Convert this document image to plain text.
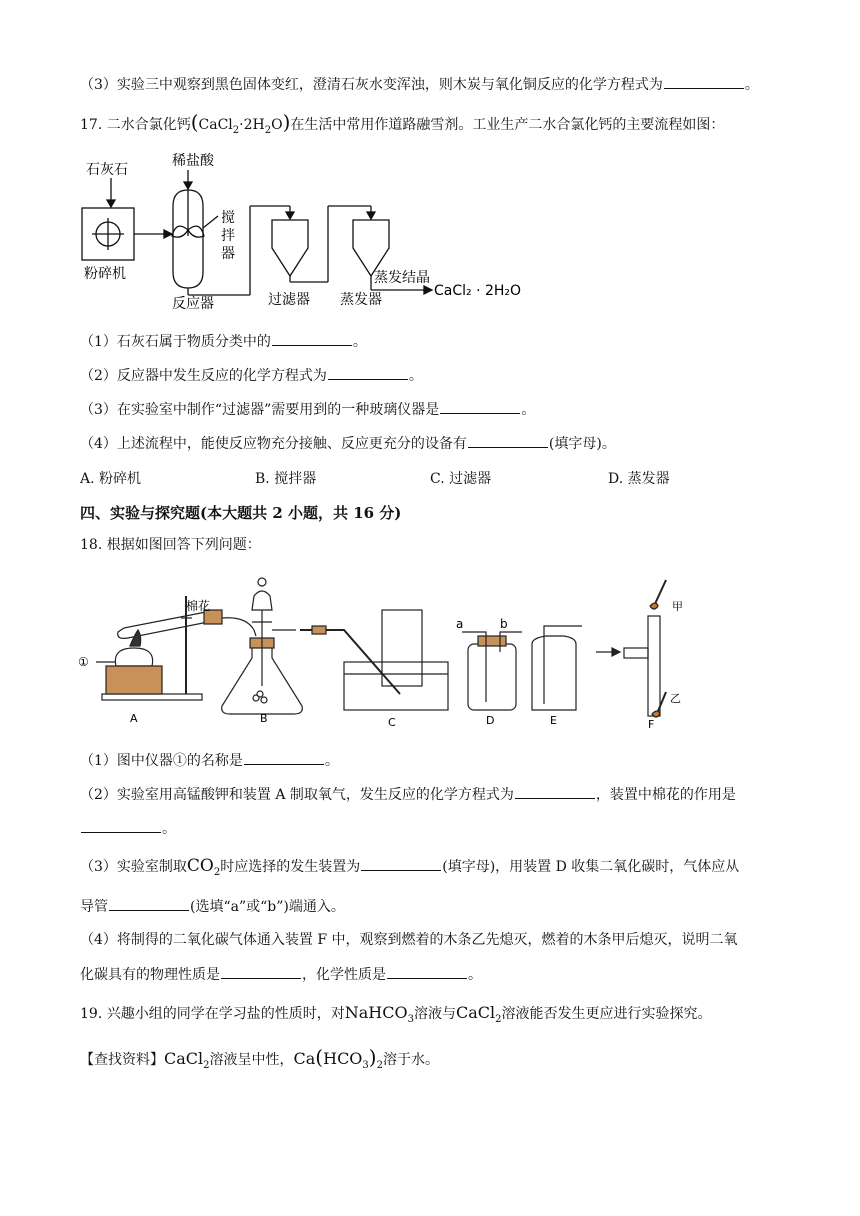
（3）实验三中观察到黑色固体变红，澄清石灰水变浑浊，则木炭与氧化铜反应的化学方程式为	。
17. 二水合氯化钙$(CaCl_2\cdot 2H_2O)$在生活中常用作道路融雪剂。工业生产二水合氯化钙的主要流程如图：
石灰石
稀盐酸
搅
拌
器
粉碎机
反应器	过滤器 蒸发器
蒸发结晶
CaCl₂ · 2H₂O
（1）石灰石属于物质分类中的	。
（2）反应器中发生反应的化学方程式为	。
（3）在实验室中制作“过滤器”需要用到的一种玻璃仪器是	。
（4）上述流程中，能使反应物充分接触、反应更充分的设备有	(填字母)。
A. 粉碎机	B. 搅拌器	C. 过滤器	D. 蒸发器
四、实验与探究题(本大题共 2 小题，共 16 分)
18. 根据如图回答下列问题：
棉花
①
A	B	C	D	E	F
a	b
甲
乙
（1）图中仪器①的名称是	。
（2）实验室用高锰酸钾和装置 A 制取氧气，发生反应的化学方程式为	，装置中棉花的作用是
。
（3）实验室制取$CO_2$时应选择的发生装置为	(填字母)，用装置 D 收集二氧化碳时，气体应从
导管	(选填“a”或“b”)端通入。
（4）将制得的二氧化碳气体通入装置 F 中，观察到燃着的木条乙先熄灭，燃着的木条甲后熄灭，说明二氧
化碳具有的物理性质是	，化学性质是	。
19. 兴趣小组的同学在学习盐的性质时，对NaHCO$_3$溶液与CaCl$_2$溶液能否发生更应进行实验探究。
【查找资料】CaCl$_2$溶液呈中性，$Ca(HCO_3)_2$溶于水。
